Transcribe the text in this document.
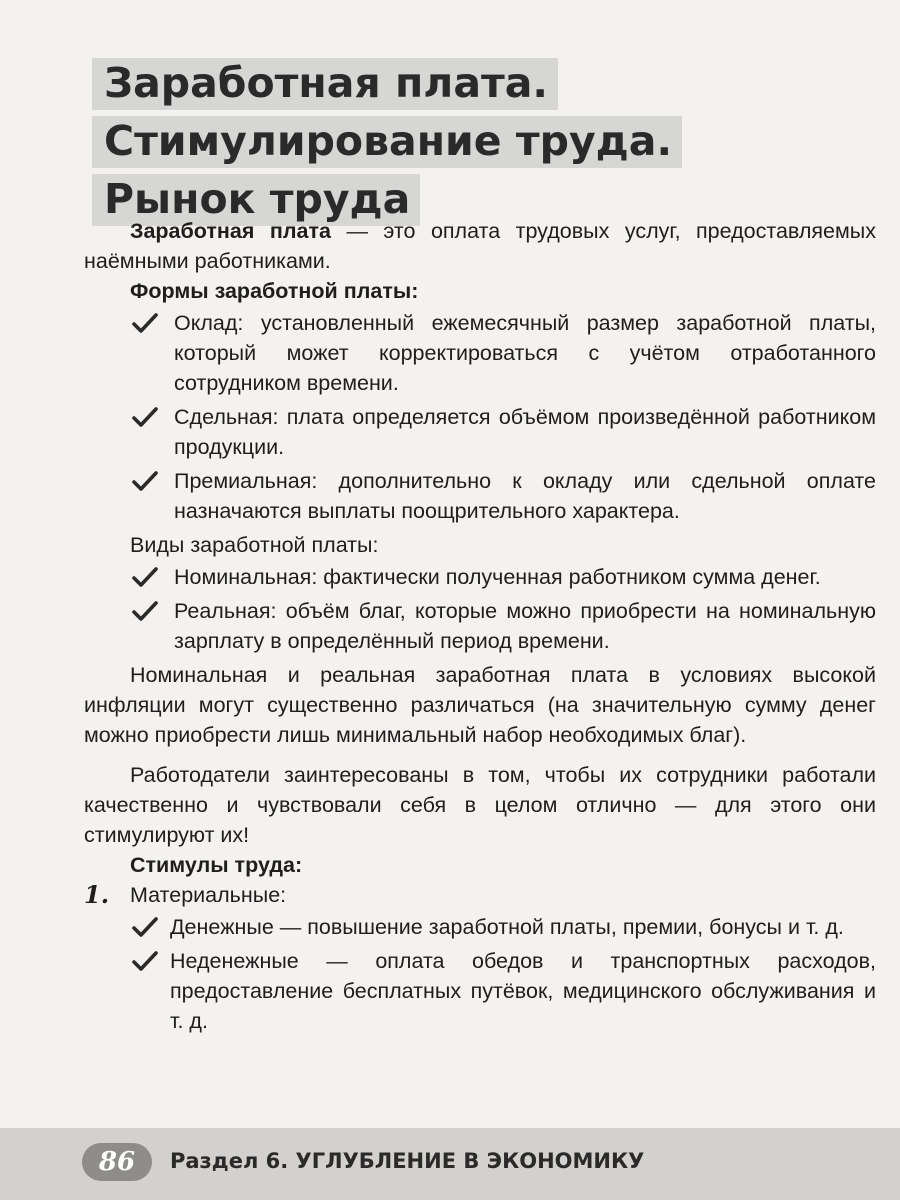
Заработная плата.
Стимулирование труда.
Рынок труда

Заработная плата — это оплата трудовых услуг, предоставляемых наёмными работниками.

Формы заработной платы:

Оклад: установленный ежемесячный размер заработной платы, который может корректироваться с учётом отработанного сотрудником времени.
Сдельная: плата определяется объёмом произведённой работником продукции.
Премиальная: дополнительно к окладу или сдельной оплате назначаются выплаты поощрительного характера.

Виды заработной платы:

Номинальная: фактически полученная работником сумма денег.
Реальная: объём благ, которые можно приобрести на номинальную зарплату в определённый период времени.

Номинальная и реальная заработная плата в условиях высокой инфляции могут существенно различаться (на значительную сумму денег можно приобрести лишь минимальный набор необходимых благ).

Работодатели заинтересованы в том, чтобы их сотрудники работали качественно и чувствовали себя в целом отлично — для этого они стимулируют их!

Стимулы труда:

1. Материальные:
Денежные — повышение заработной платы, премии, бонусы и т. д.
Неденежные — оплата обедов и транспортных расходов, предоставление бесплатных путёвок, медицинского обслуживания и т. д.
86	Раздел 6. УГЛУБЛЕНИЕ В ЭКОНОМИКУ
